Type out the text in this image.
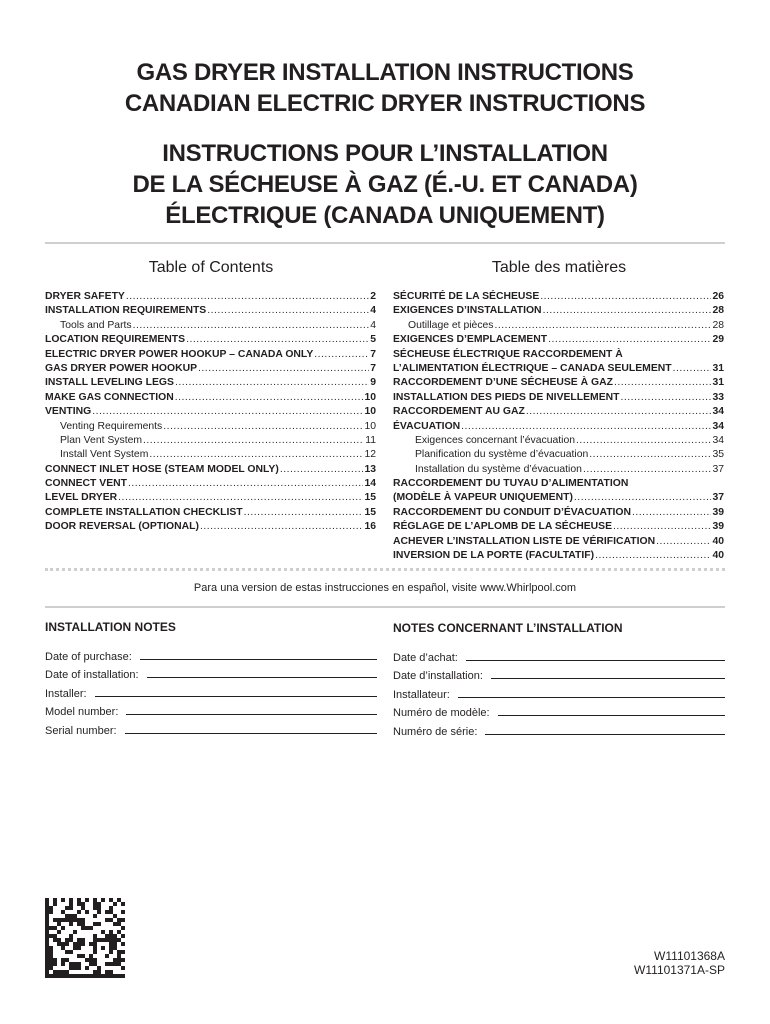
GAS DRYER INSTALLATION INSTRUCTIONS
CANADIAN ELECTRIC DRYER INSTRUCTIONS
INSTRUCTIONS POUR L’INSTALLATION
DE LA SÉCHEUSE À GAZ (É.-U. ET CANADA)
ÉLECTRIQUE (CANADA UNIQUEMENT)
Table of Contents	Table des matières
DRYER SAFETY .....	2
INSTALLATION REQUIREMENTS .....	4
Tools and Parts .....	4
LOCATION REQUIREMENTS .....	5
ELECTRIC DRYER POWER HOOKUP – CANADA ONLY .....	7
GAS DRYER POWER HOOKUP .....	7
INSTALL LEVELING LEGS .....	9
MAKE GAS CONNECTION .....	10
VENTING .....	10
Venting Requirements .....	10
Plan Vent System .....	11
Install Vent System .....	12
CONNECT INLET HOSE (STEAM MODEL ONLY) .....	13
CONNECT VENT .....	14
LEVEL DRYER .....	15
COMPLETE INSTALLATION CHECKLIST .....	15
DOOR REVERSAL (OPTIONAL) .....	16
SÉCURITÉ DE LA SÉCHEUSE .....	26
EXIGENCES D’INSTALLATION .....	28
Outillage et pièces .....	28
EXIGENCES D’EMPLACEMENT .....	29
SÉCHEUSE ÉLECTRIQUE RACCORDEMENT À
L’ALIMENTATION ÉLECTRIQUE – CANADA SEULEMENT .....	31
RACCORDEMENT D’UNE SÉCHEUSE À GAZ .....	31
INSTALLATION DES PIEDS DE NIVELLEMENT .....	33
RACCORDEMENT AU GAZ .....	34
ÉVACUATION .....	34
Exigences concernant l’évacuation .....	34
Planification du système d’évacuation .....	35
Installation du système d’évacuation .....	37
RACCORDEMENT DU TUYAU D’ALIMENTATION
(MODÈLE À VAPEUR UNIQUEMENT) .....	37
RACCORDEMENT DU CONDUIT D’ÉVACUATION .....	39
RÉGLAGE DE L’APLOMB DE LA SÉCHEUSE .....	39
ACHEVER L’INSTALLATION LISTE DE VÉRIFICATION .....	40
INVERSION DE LA PORTE (FACULTATIF) .....	40
Para una version de estas instrucciones en español, visite www.Whirlpool.com
INSTALLATION NOTES
Date of purchase:
Date of installation:
Installer:
Model number:
Serial number:
NOTES CONCERNANT L’INSTALLATION
Date d’achat:
Date d’installation:
Installateur:
Numéro de modèle:
Numéro de série:
W11101368A
W11101371A-SP
